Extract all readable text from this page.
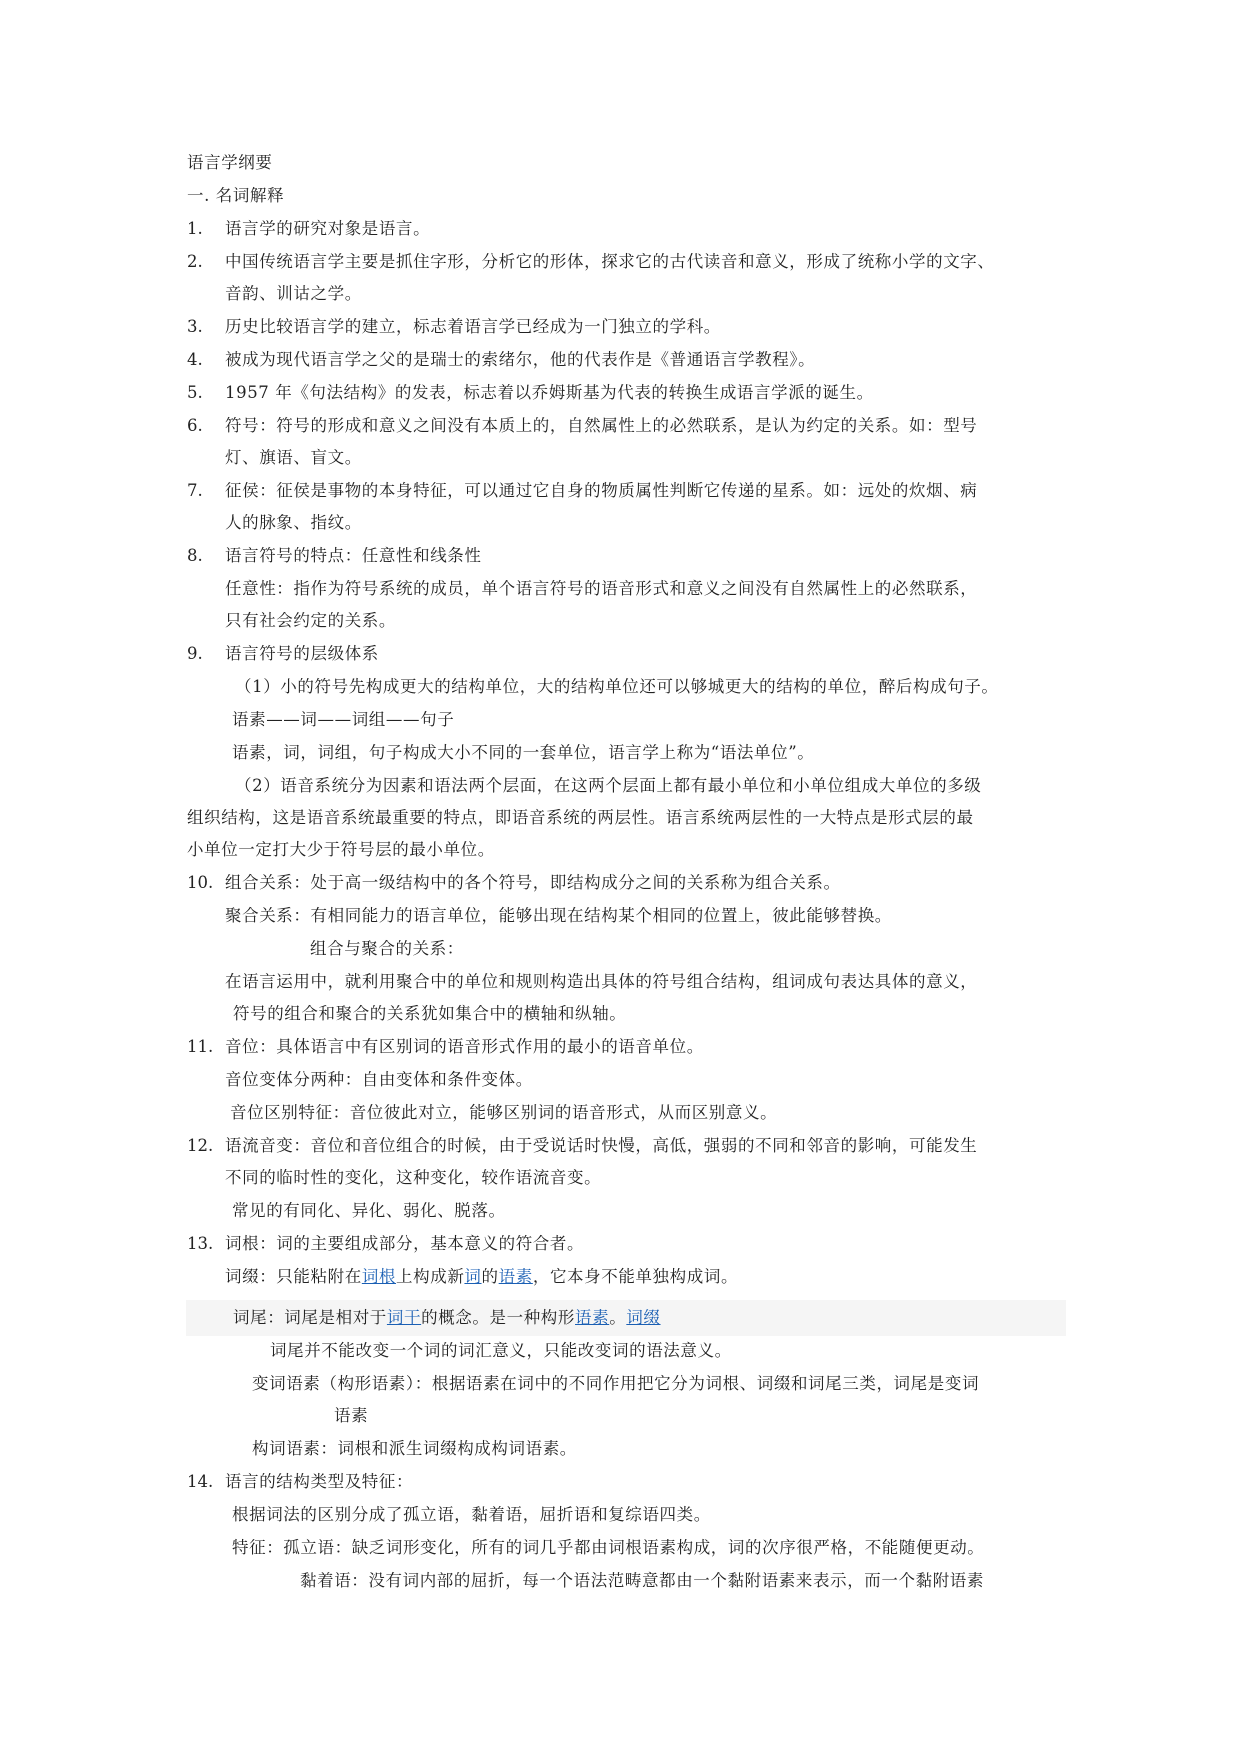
语言学纲要
一. 名词解释
1. 语言学的研究对象是语言。
2. 中国传统语言学主要是抓住字形，分析它的形体，探求它的古代读音和意义，形成了统称小学的文字、
音韵、训诂之学。
3. 历史比较语言学的建立，标志着语言学已经成为一门独立的学科。
4. 被成为现代语言学之父的是瑞士的索绪尔，他的代表作是《普通语言学教程》。
5. 1957 年《句法结构》的发表，标志着以乔姆斯基为代表的转换生成语言学派的诞生。
6. 符号：符号的形成和意义之间没有本质上的，自然属性上的必然联系，是认为约定的关系。如：型号
灯、旗语、盲文。
7. 征侯：征侯是事物的本身特征，可以通过它自身的物质属性判断它传递的星系。如：远处的炊烟、病
人的脉象、指纹。
8. 语言符号的特点：任意性和线条性
任意性：指作为符号系统的成员，单个语言符号的语音形式和意义之间没有自然属性上的必然联系，
只有社会约定的关系。
9. 语言符号的层级体系
（1）小的符号先构成更大的结构单位，大的结构单位还可以够城更大的结构的单位，醉后构成句子。
语素——词——词组——句子
语素，词，词组，句子构成大小不同的一套单位，语言学上称为“语法单位”。
（2）语音系统分为因素和语法两个层面，在这两个层面上都有最小单位和小单位组成大单位的多级
组织结构，这是语音系统最重要的特点，即语音系统的两层性。语言系统两层性的一大特点是形式层的最
小单位一定打大少于符号层的最小单位。
10. 组合关系：处于高一级结构中的各个符号，即结构成分之间的关系称为组合关系。
聚合关系：有相同能力的语言单位，能够出现在结构某个相同的位置上，彼此能够替换。
组合与聚合的关系：
在语言运用中，就利用聚合中的单位和规则构造出具体的符号组合结构，组词成句表达具体的意义，
符号的组合和聚合的关系犹如集合中的横轴和纵轴。
11. 音位：具体语言中有区别词的语音形式作用的最小的语音单位。
音位变体分两种：自由变体和条件变体。
音位区别特征：音位彼此对立，能够区别词的语音形式，从而区别意义。
12. 语流音变：音位和音位组合的时候，由于受说话时快慢，高低，强弱的不同和邻音的影响，可能发生
不同的临时性的变化，这种变化，较作语流音变。
常见的有同化、异化、弱化、脱落。
13. 词根：词的主要组成部分，基本意义的符合者。
词缀：只能粘附在词根上构成新词的语素，它本身不能单独构成词。
词尾：词尾是相对于词干的概念。是一种构形语素。词缀
词尾并不能改变一个词的词汇意义，只能改变词的语法意义。
变词语素（构形语素）：根据语素在词中的不同作用把它分为词根、词缀和词尾三类，词尾是变词
语素
构词语素：词根和派生词缀构成构词语素。
14. 语言的结构类型及特征：
根据词法的区别分成了孤立语，黏着语，屈折语和复综语四类。
特征：孤立语：缺乏词形变化，所有的词几乎都由词根语素构成，词的次序很严格，不能随便更动。
黏着语：没有词内部的屈折，每一个语法范畴意都由一个黏附语素来表示，而一个黏附语素
